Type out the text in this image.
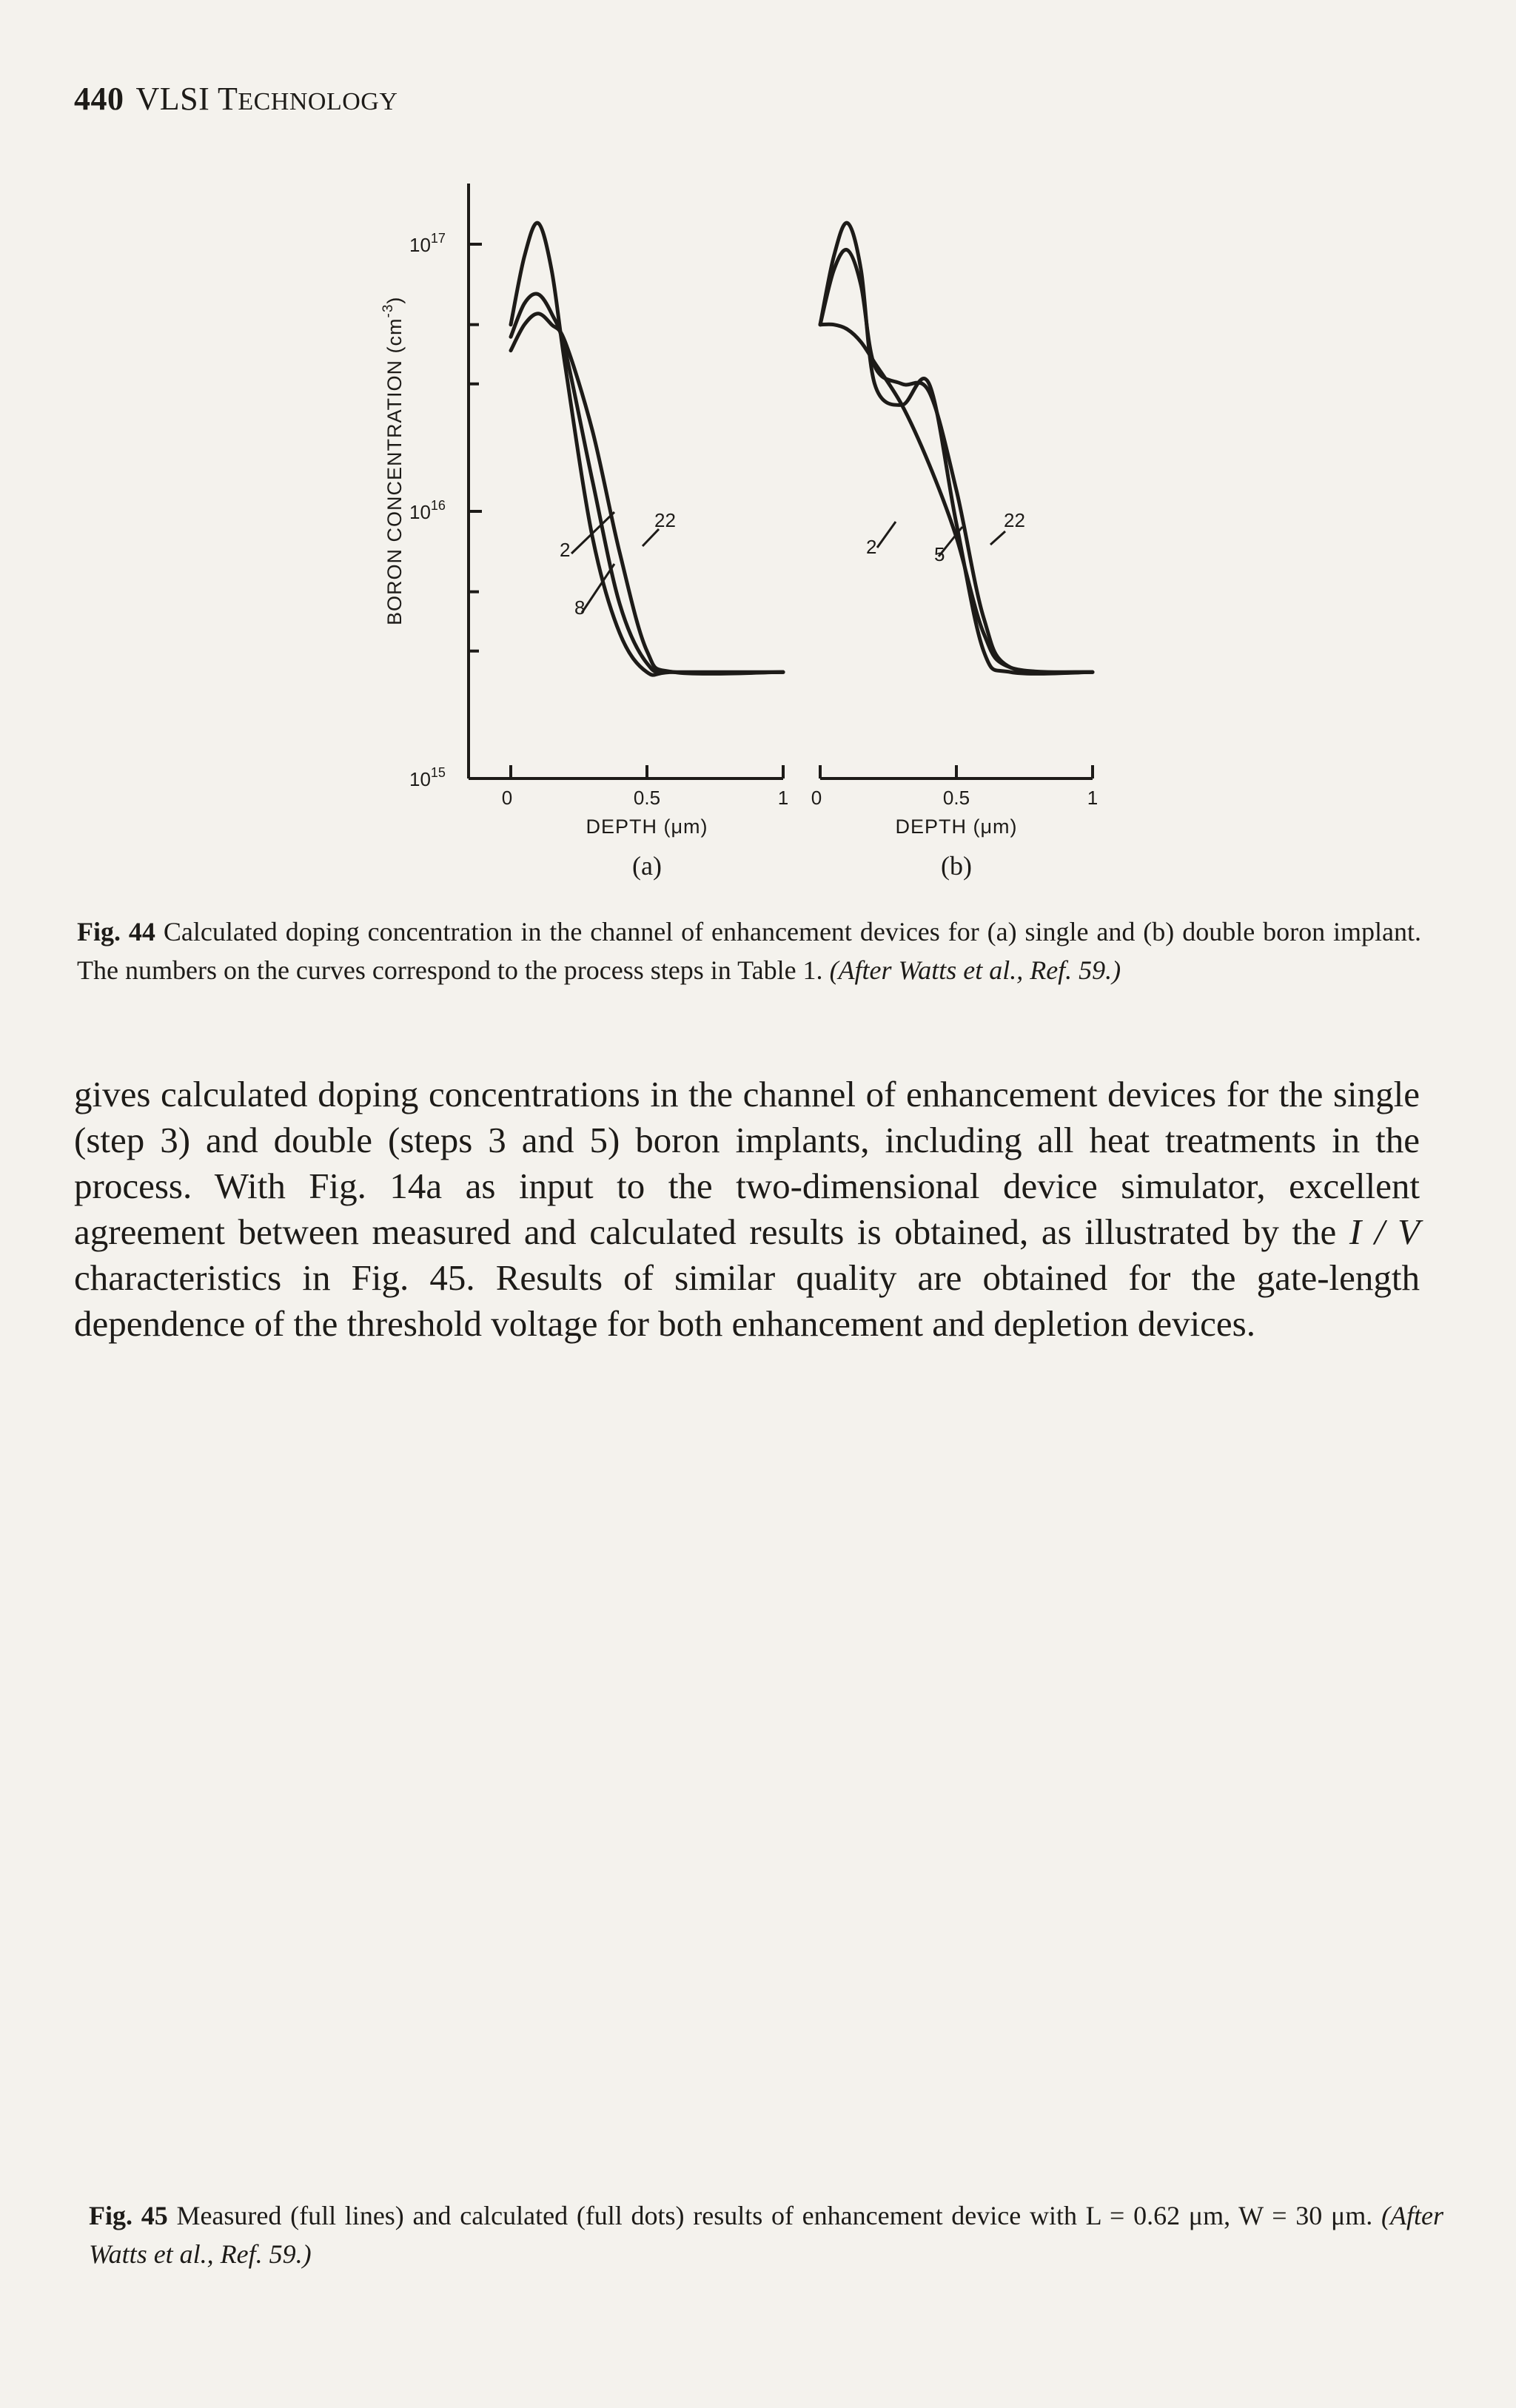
440 VLSI TECHNOLOGY
BORON CONCENTRATION $(cm^{-3})$
$10^{17}$
$10^{16}$
$10^{15}$
0	0.5	1
DEPTH (μm)
(a)
2
8
22
0	0.5	1
DEPTH (μm)
(b)
2	5
22
Fig. 44 Calculated doping concentration in the channel of enhancement devices for (a) single and (b) double boron implant. The numbers on the curves correspond to the process steps in Table 1. (After Watts et al., Ref. 59.)
gives calculated doping concentrations in the channel of enhancement devices for the single (step 3) and double (steps 3 and 5) boron implants, including all heat treatments in the process. With Fig. 14a as input to the two-dimensional device simulator, excellent agreement between measured and calculated results is obtained, as illustrated by the I / V characteristics in Fig. 45. Results of similar quality are obtained for the gate-length dependence of the threshold voltage for both enhancement and depletion devices.
Fig. 45 Measured (full lines) and calculated (full dots) results of enhancement device with L = 0.62 μm, W = 30 μm. (After Watts et al., Ref. 59.)
